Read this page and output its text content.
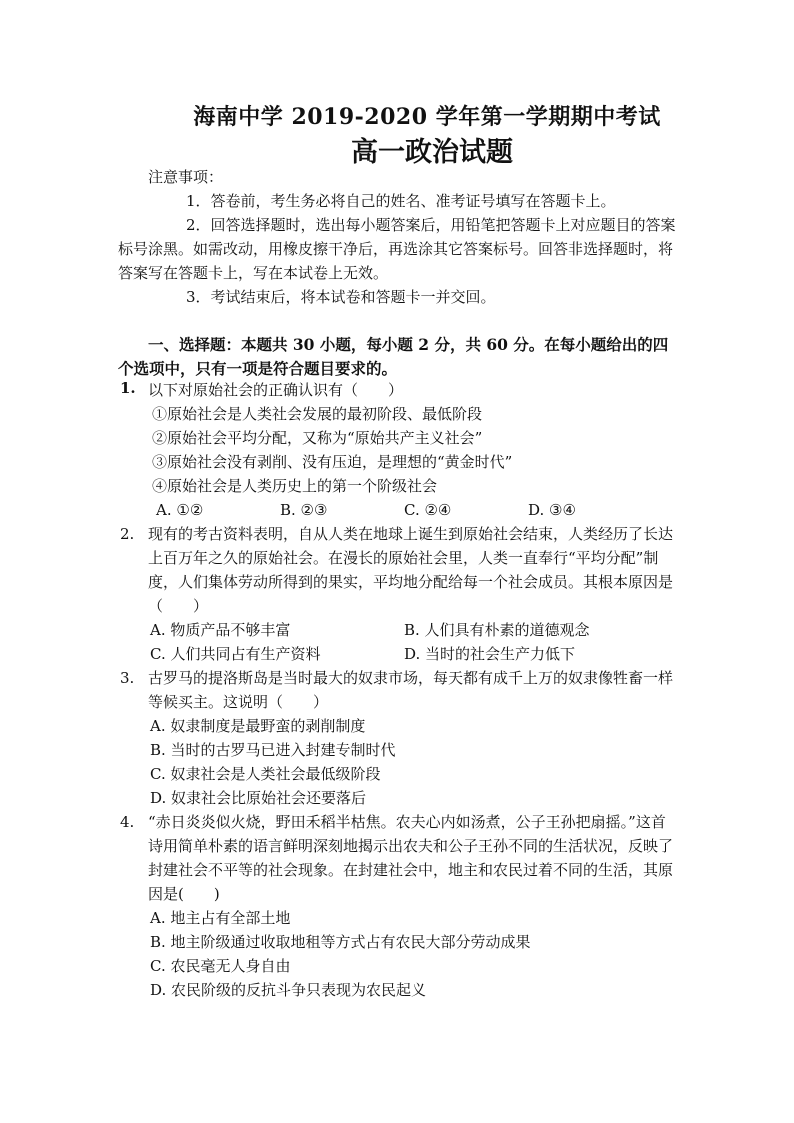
海南中学 2019-2020 学年第一学期期中考试
高一政治试题
注意事项：
1．答卷前，考生务必将自己的姓名、准考证号填写在答题卡上。
2．回答选择题时，选出每小题答案后，用铅笔把答题卡上对应题目的答案标号涂黑。如需改动，用橡皮擦干净后，再选涂其它答案标号。回答非选择题时，将答案写在答题卡上，写在本试卷上无效。
3．考试结束后，将本试卷和答题卡一并交回。
一、选择题：本题共 30 小题，每小题 2 分，共 60 分。在每小题给出的四个选项中，只有一项是符合题目要求的。
1. 以下对原始社会的正确认识有（　　）
①原始社会是人类社会发展的最初阶段、最低阶段
②原始社会平均分配，又称为“原始共产主义社会”
③原始社会没有剥削、没有压迫，是理想的“黄金时代”
④原始社会是人类历史上的第一个阶级社会
A. ①②	B. ②③	C. ②④	D. ③④
2. 现有的考古资料表明，自从人类在地球上诞生到原始社会结束，人类经历了长达上百万年之久的原始社会。在漫长的原始社会里，人类一直奉行“平均分配”制度，人们集体劳动所得到的果实，平均地分配给每一个社会成员。其根本原因是（　　）
A. 物质产品不够丰富	B. 人们具有朴素的道德观念
C. 人们共同占有生产资料	D. 当时的社会生产力低下
3. 古罗马的提洛斯岛是当时最大的奴隶市场，每天都有成千上万的奴隶像牲畜一样等候买主。这说明（　　）
A. 奴隶制度是最野蛮的剥削制度
B. 当时的古罗马已进入封建专制时代
C. 奴隶社会是人类社会最低级阶段
D. 奴隶社会比原始社会还要落后
4. “赤日炎炎似火烧，野田禾稻半枯焦。农夫心内如汤煮，公子王孙把扇摇。”这首诗用简单朴素的语言鲜明深刻地揭示出农夫和公子王孙不同的生活状况，反映了封建社会不平等的社会现象。在封建社会中，地主和农民过着不同的生活，其原因是(　　)
A. 地主占有全部土地
B. 地主阶级通过收取地租等方式占有农民大部分劳动成果
C. 农民毫无人身自由
D. 农民阶级的反抗斗争只表现为农民起义
